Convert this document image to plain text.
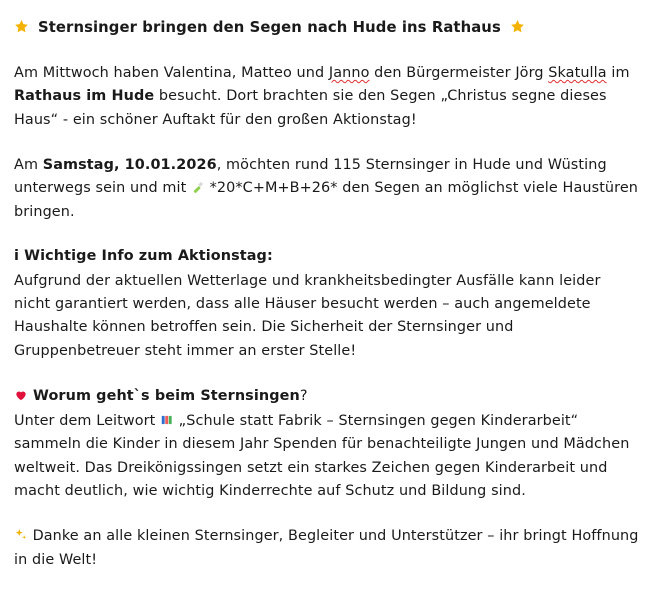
Sternsinger bringen den Segen nach Hude ins Rathaus

Am Mittwoch haben Valentina, Matteo und Janno den Bürgermeister Jörg Skatulla im Rathaus im Hude besucht. Dort brachten sie den Segen „Christus segne dieses Haus“ - ein schöner Auftakt für den großen Aktionstag!

Am Samstag, 10.01.2026, möchten rund 115 Sternsinger in Hude und Wüsting unterwegs sein und mit  *20*C+M+B+26* den Segen an möglichst viele Haustüren bringen.

i Wichtige Info zum Aktionstag:

Aufgrund der aktuellen Wetterlage und krankheitsbedingter Ausfälle kann leider nicht garantiert werden, dass alle Häuser besucht werden – auch angemeldete Haushalte können betroffen sein. Die Sicherheit der Sternsinger und Gruppenbetreuer steht immer an erster Stelle!

Worum geht`s beim Sternsingen?

Unter dem Leitwort  „Schule statt Fabrik – Sternsingen gegen Kinderarbeit“ sammeln die Kinder in diesem Jahr Spenden für benachteiligte Jungen und Mädchen weltweit. Das Dreikönigssingen setzt ein starkes Zeichen gegen Kinderarbeit und macht deutlich, wie wichtig Kinderrechte auf Schutz und Bildung sind.

Danke an alle kleinen Sternsinger, Begleiter und Unterstützer – ihr bringt Hoffnung in die Welt!
